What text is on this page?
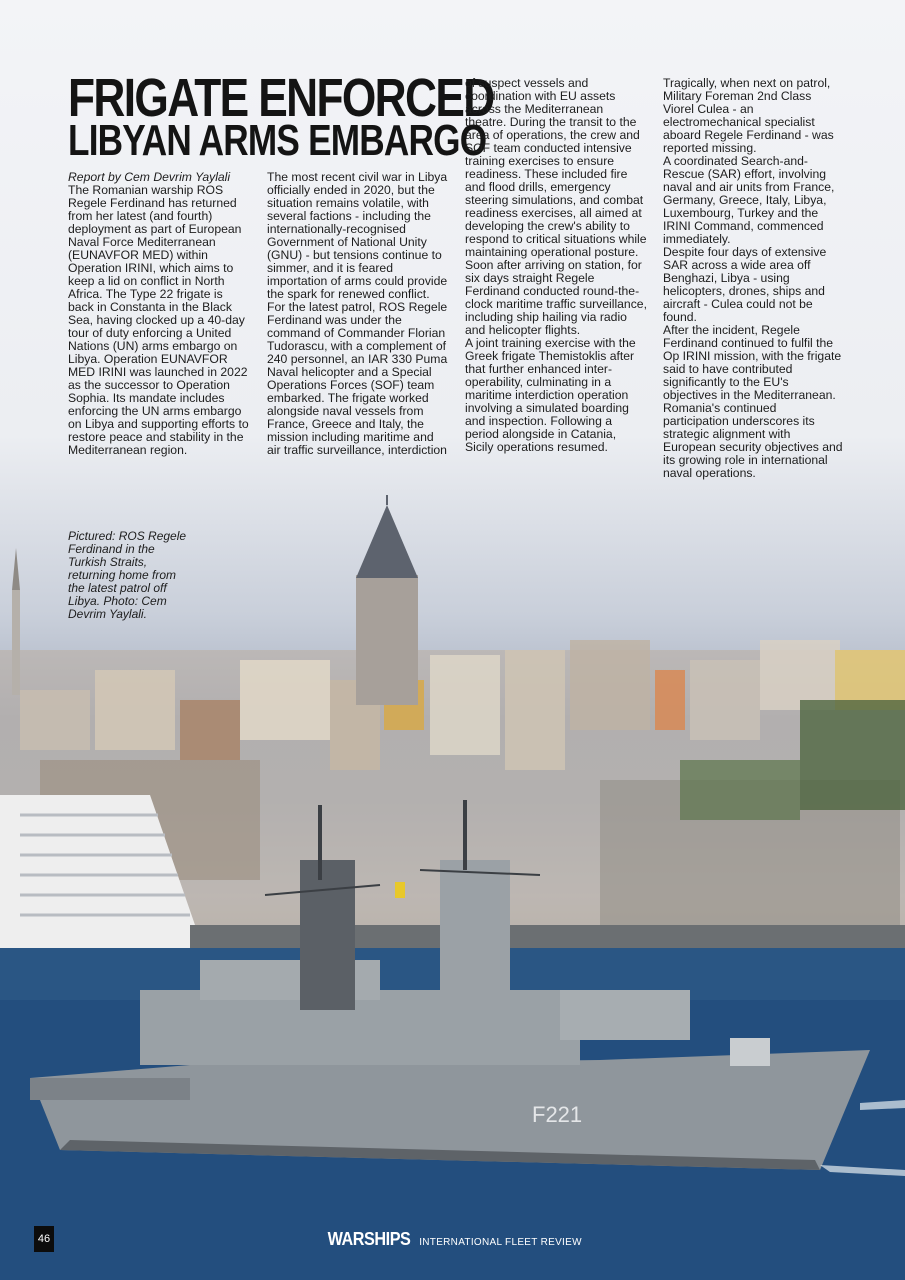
F221
FRIGATE ENFORCED
LIBYAN ARMS EMBARGO

Report by Cem Devrim Yaylali

The Romanian warship ROS Regele Ferdinand has returned from her latest (and fourth) deployment as part of European Naval Force Mediterranean (EUNAVFOR MED) within Operation IRINI, which aims to keep a lid on conflict in North Africa. The Type 22 frigate is back in Constanta in the Black Sea, having clocked up a 40-day tour of duty enforcing a United Nations (UN) arms embargo on Libya. Operation EUNAVFOR MED IRINI was launched in 2022 as the successor to Operation Sophia. Its mandate includes enforcing the UN arms embargo on Libya and supporting efforts to restore peace and stability in the Mediterranean region.

The most recent civil war in Libya officially ended in 2020, but the situation remains volatile, with several factions - including the internationally-recognised Government of National Unity (GNU) - but tensions continue to simmer, and it is feared importation of arms could provide the spark for renewed conflict.

For the latest patrol, ROS Regele Ferdinand was under the command of Commander Florian Tudorascu, with a complement of 240 personnel, an IAR 330 Puma Naval helicopter and a Special Operations Forces (SOF) team embarked. The frigate worked alongside naval vessels from France, Greece and Italy, the mission including maritime and air traffic surveillance, interdiction

of suspect vessels and coordination with EU assets across the Mediterranean theatre. During the transit to the area of operations, the crew and SOF team conducted intensive training exercises to ensure readiness. These included fire and flood drills, emergency steering simulations, and combat readiness exercises, all aimed at developing the crew's ability to respond to critical situations while maintaining operational posture.

Soon after arriving on station, for six days straight Regele Ferdinand conducted round-the-clock maritime traffic surveillance, including ship hailing via radio and helicopter flights.

A joint training exercise with the Greek frigate Themistoklis after that further enhanced inter-operability, culminating in a maritime interdiction operation involving a simulated boarding and inspection. Following a period alongside in Catania, Sicily operations resumed.

Tragically, when next on patrol, Military Foreman 2nd Class Viorel Culea - an electromechanical specialist aboard Regele Ferdinand - was reported missing.

A coordinated Search-and-Rescue (SAR) effort, involving naval and air units from France, Germany, Greece, Italy, Libya, Luxembourg, Turkey and the IRINI Command, commenced immediately.

Despite four days of extensive SAR across a wide area off Benghazi, Libya - using helicopters, drones, ships and aircraft - Culea could not be found.

After the incident, Regele Ferdinand continued to fulfil the Op IRINI mission, with the frigate said to have contributed significantly to the EU's objectives in the Mediterranean. Romania's continued participation underscores its strategic alignment with European security objectives and its growing role in international naval operations.

Pictured: ROS Regele Ferdinand in the Turkish Straits, returning home from the latest patrol off Libya. Photo: Cem Devrim Yaylali.
46	WARSHIPS INTERNATIONAL FLEET REVIEW
